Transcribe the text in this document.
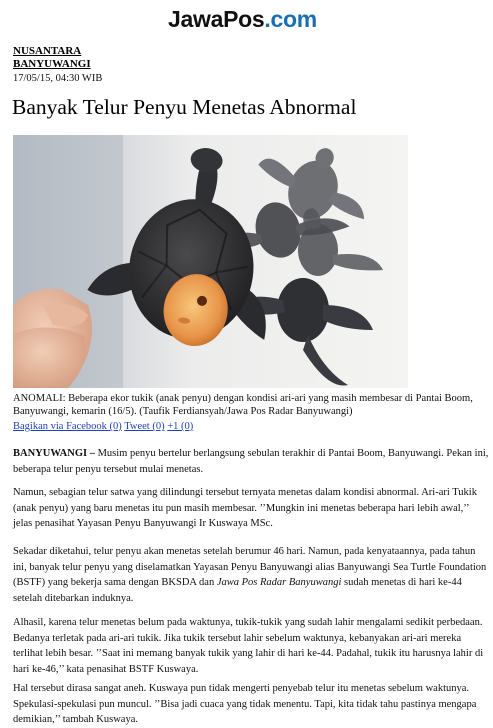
JawaPos.com
NUSANTARA
BANYUWANGI
17/05/15, 04:30 WIB
Banyak Telur Penyu Menetas Abnormal

ANOMALI: Beberapa ekor tukik (anak penyu) dengan kondisi ari-ari yang masih membesar di Pantai Boom, Banyuwangi, kemarin (16/5). (Taufik Ferdiansyah/Jawa Pos Radar Banyuwangi)

Bagikan via Facebook (0) Tweet (0) +1 (0)

BANYUWANGI – Musim penyu bertelur berlangsung sebulan terakhir di Pantai Boom, Banyuwangi. Pekan ini, beberapa telur penyu tersebut mulai menetas.

Namun, sebagian telur satwa yang dilindungi tersebut ternyata menetas dalam kondisi abnormal. Ari-ari Tukik (anak penyu) yang baru menetas itu pun masih membesar. ’’Mungkin ini menetas beberapa hari lebih awal,’’ jelas penasihat Yayasan Penyu Banyuwangi Ir Kuswaya MSc.

Sekadar diketahui, telur penyu akan menetas setelah berumur 46 hari. Namun, pada kenyataannya, pada tahun ini, banyak telur penyu yang diselamatkan Yayasan Penyu Banyuwangi alias Banyuwangi Sea Turtle Foundation (BSTF) yang bekerja sama dengan BKSDA dan Jawa Pos Radar Banyuwangi sudah menetas di hari ke-44 setelah ditebarkan induknya.

Alhasil, karena telur menetas belum pada waktunya, tukik-tukik yang sudah lahir mengalami sedikit perbedaan. Bedanya terletak pada ari-ari tukik. Jika tukik tersebut lahir sebelum waktunya, kebanyakan ari-ari mereka terlihat lebih besar. ’’Saat ini memang banyak tukik yang lahir di hari ke-44. Padahal, tukik itu harusnya lahir di hari ke-46,’’ kata penasihat BSTF Kuswaya.

Hal tersebut dirasa sangat aneh. Kuswaya pun tidak mengerti penyebab telur itu menetas sebelum waktunya. Spekulasi-spekulasi pun muncul. ’’Bisa jadi cuaca yang tidak menentu. Tapi, kita tidak tahu pastinya mengapa demikian,’’ tambah Kuswaya.
